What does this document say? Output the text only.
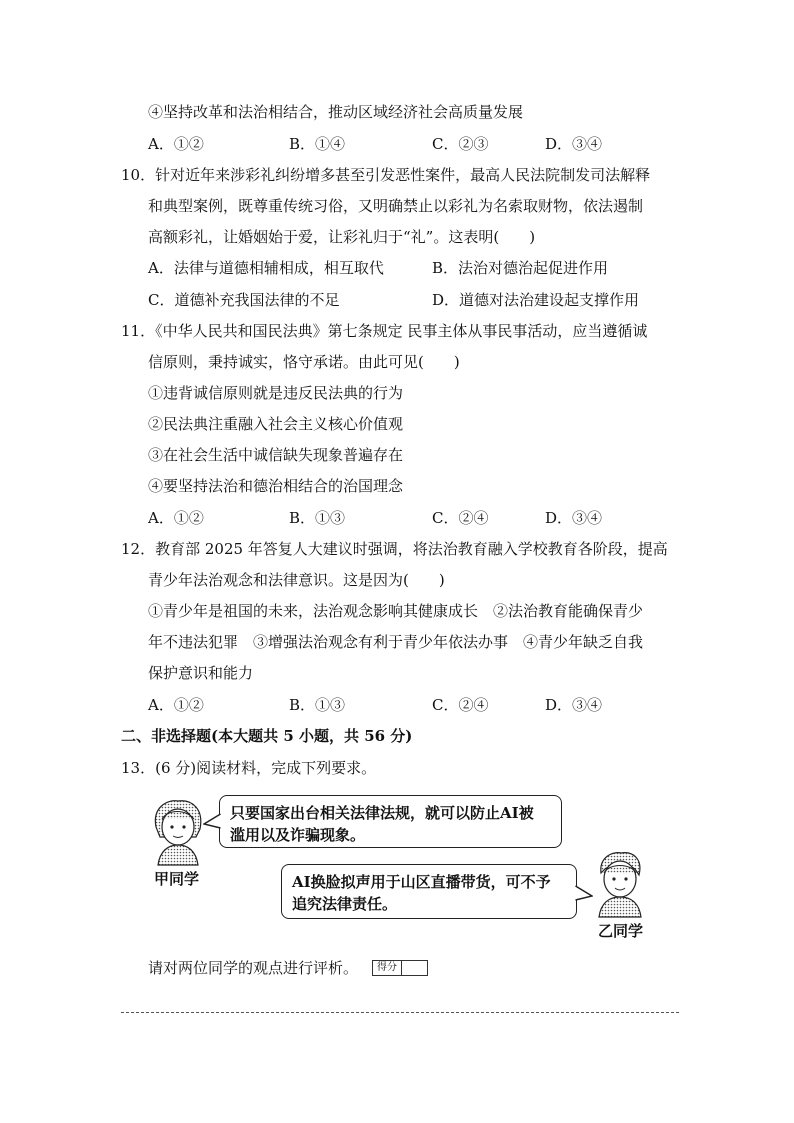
④坚持改革和法治相结合，推动区域经济社会高质量发展
A．①②	B．①④	C．②③	D．③④
10．针对近年来涉彩礼纠纷增多甚至引发恶性案件，最高人民法院制发司法解释
和典型案例，既尊重传统习俗，又明确禁止以彩礼为名索取财物，依法遏制
高额彩礼，让婚姻始于爱，让彩礼归于“礼”。这表明(　　)
A．法律与道德相辅相成，相互取代	B．法治对德治起促进作用
C．道德补充我国法律的不足	D．道德对法治建设起支撑作用
11．《中华人民共和国民法典》第七条规定 民事主体从事民事活动，应当遵循诚
信原则，秉持诚实，恪守承诺。由此可见(　　)
①违背诚信原则就是违反民法典的行为
②民法典注重融入社会主义核心价值观
③在社会生活中诚信缺失现象普遍存在
④要坚持法治和德治相结合的治国理念
A．①②	B．①③	C．②④	D．③④
12．教育部 2025 年答复人大建议时强调，将法治教育融入学校教育各阶段，提高
青少年法治观念和法律意识。这是因为(　　)
①青少年是祖国的未来，法治观念影响其健康成长　②法治教育能确保青少
年不违法犯罪　③增强法治观念有利于青少年依法办事　④青少年缺乏自我
保护意识和能力
A．①②	B．①③	C．②④	D．③④
二、非选择题(本大题共 5 小题，共 56 分)
13．(6 分)阅读材料，完成下列要求。
甲同学
只要国家出台相关法律法规，就可以防止AI被
滥用以及诈骗现象。
AI换脸拟声用于山区直播带货，可不予
追究法律责任。
乙同学
请对两位同学的观点进行评析。	得分
